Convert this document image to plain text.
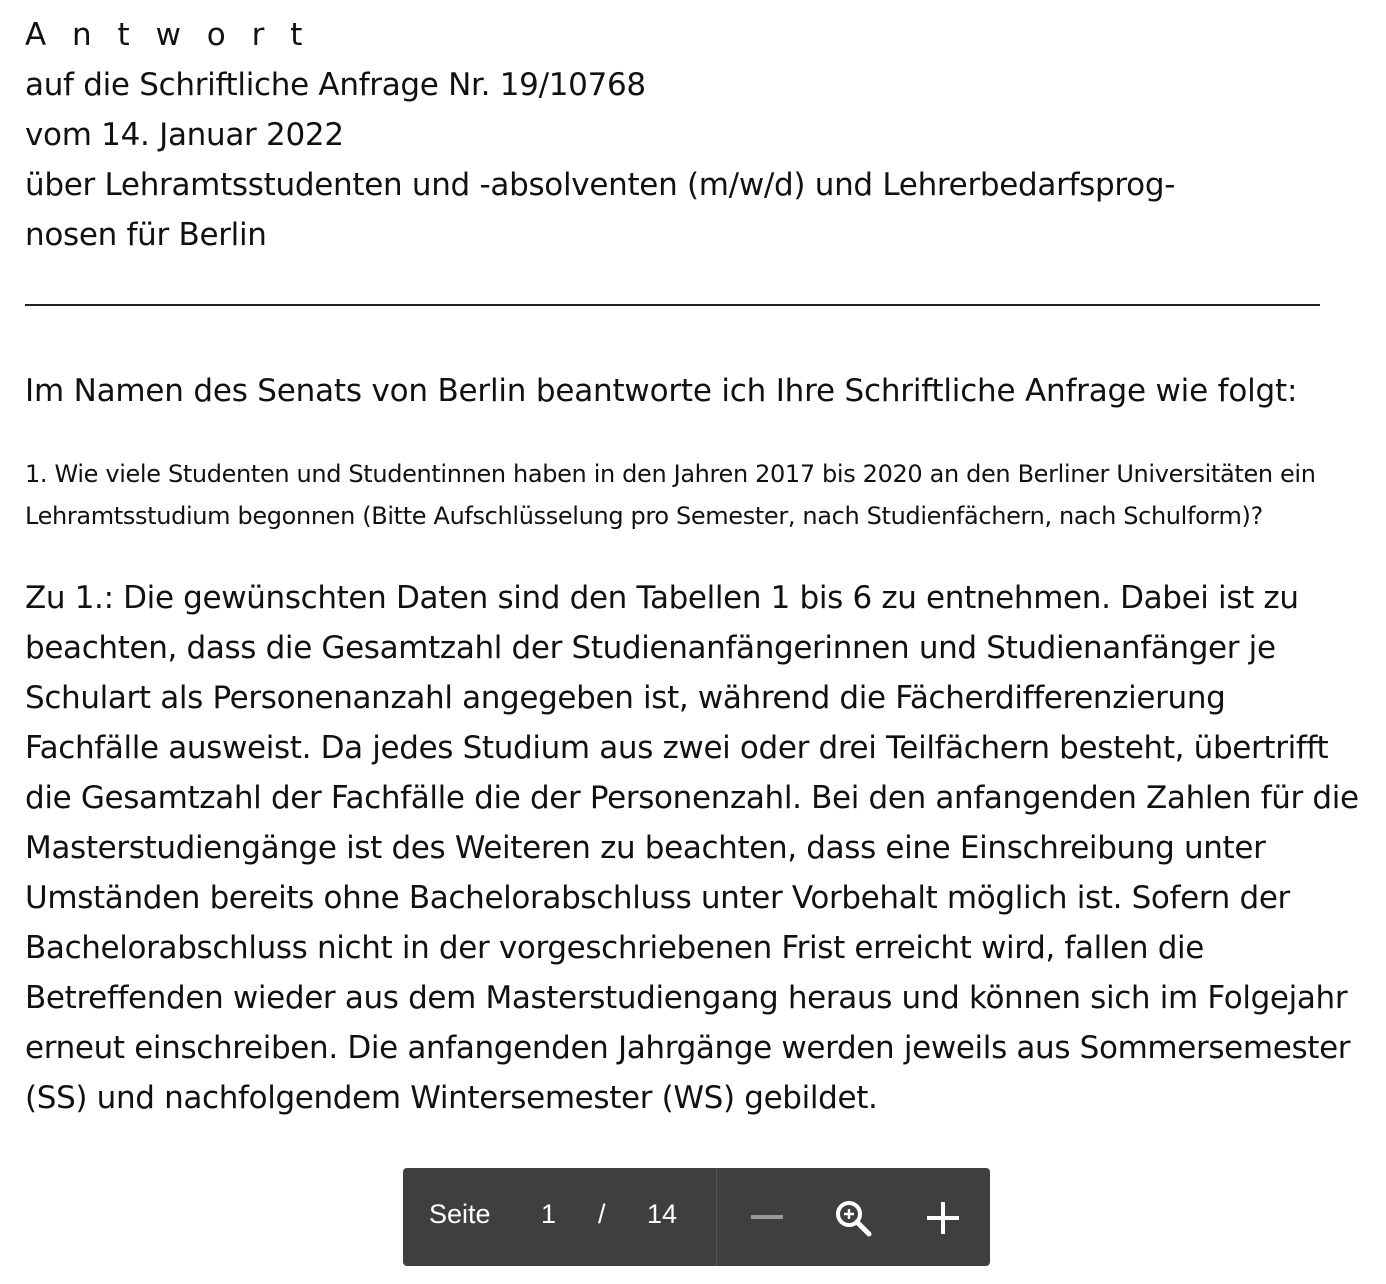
A n t w o r t
auf die Schriftliche Anfrage Nr. 19/10768
vom 14. Januar 2022
über Lehramtsstudenten und -absolventen (m/w/d) und Lehrerbedarfsprog-
nosen für Berlin
Im Namen des Senats von Berlin beantworte ich Ihre Schriftliche Anfrage wie folgt:
1. Wie viele Studenten und Studentinnen haben in den Jahren 2017 bis 2020 an den Berliner Universitäten ein Lehramtsstudium begonnen (Bitte Aufschlüsselung pro Semester, nach Studienfächern, nach Schulform)?
Zu 1.: Die gewünschten Daten sind den Tabellen 1 bis 6 zu entnehmen. Dabei ist zu beachten, dass die Gesamtzahl der Studienanfängerinnen und Studienanfänger je Schulart als Personenanzahl angegeben ist, während die Fächerdifferenzierung Fachfälle ausweist. Da jedes Studium aus zwei oder drei Teilfächern besteht, übertrifft die Gesamtzahl der Fachfälle die der Personenzahl. Bei den anfangenden Zahlen für die Masterstudiengänge ist des Weiteren zu beachten, dass eine Einschreibung unter Umständen bereits ohne Bachelorabschluss unter Vorbehalt möglich ist. Sofern der Bachelorabschluss nicht in der vorgeschriebenen Frist erreicht wird, fallen die Betreffenden wieder aus dem Masterstudiengang heraus und können sich im Folgejahr erneut einschreiben. Die anfangenden Jahrgänge werden jeweils aus Sommersemester (SS) und nachfolgendem Wintersemester (WS) gebildet.
Seite 1 / 14
